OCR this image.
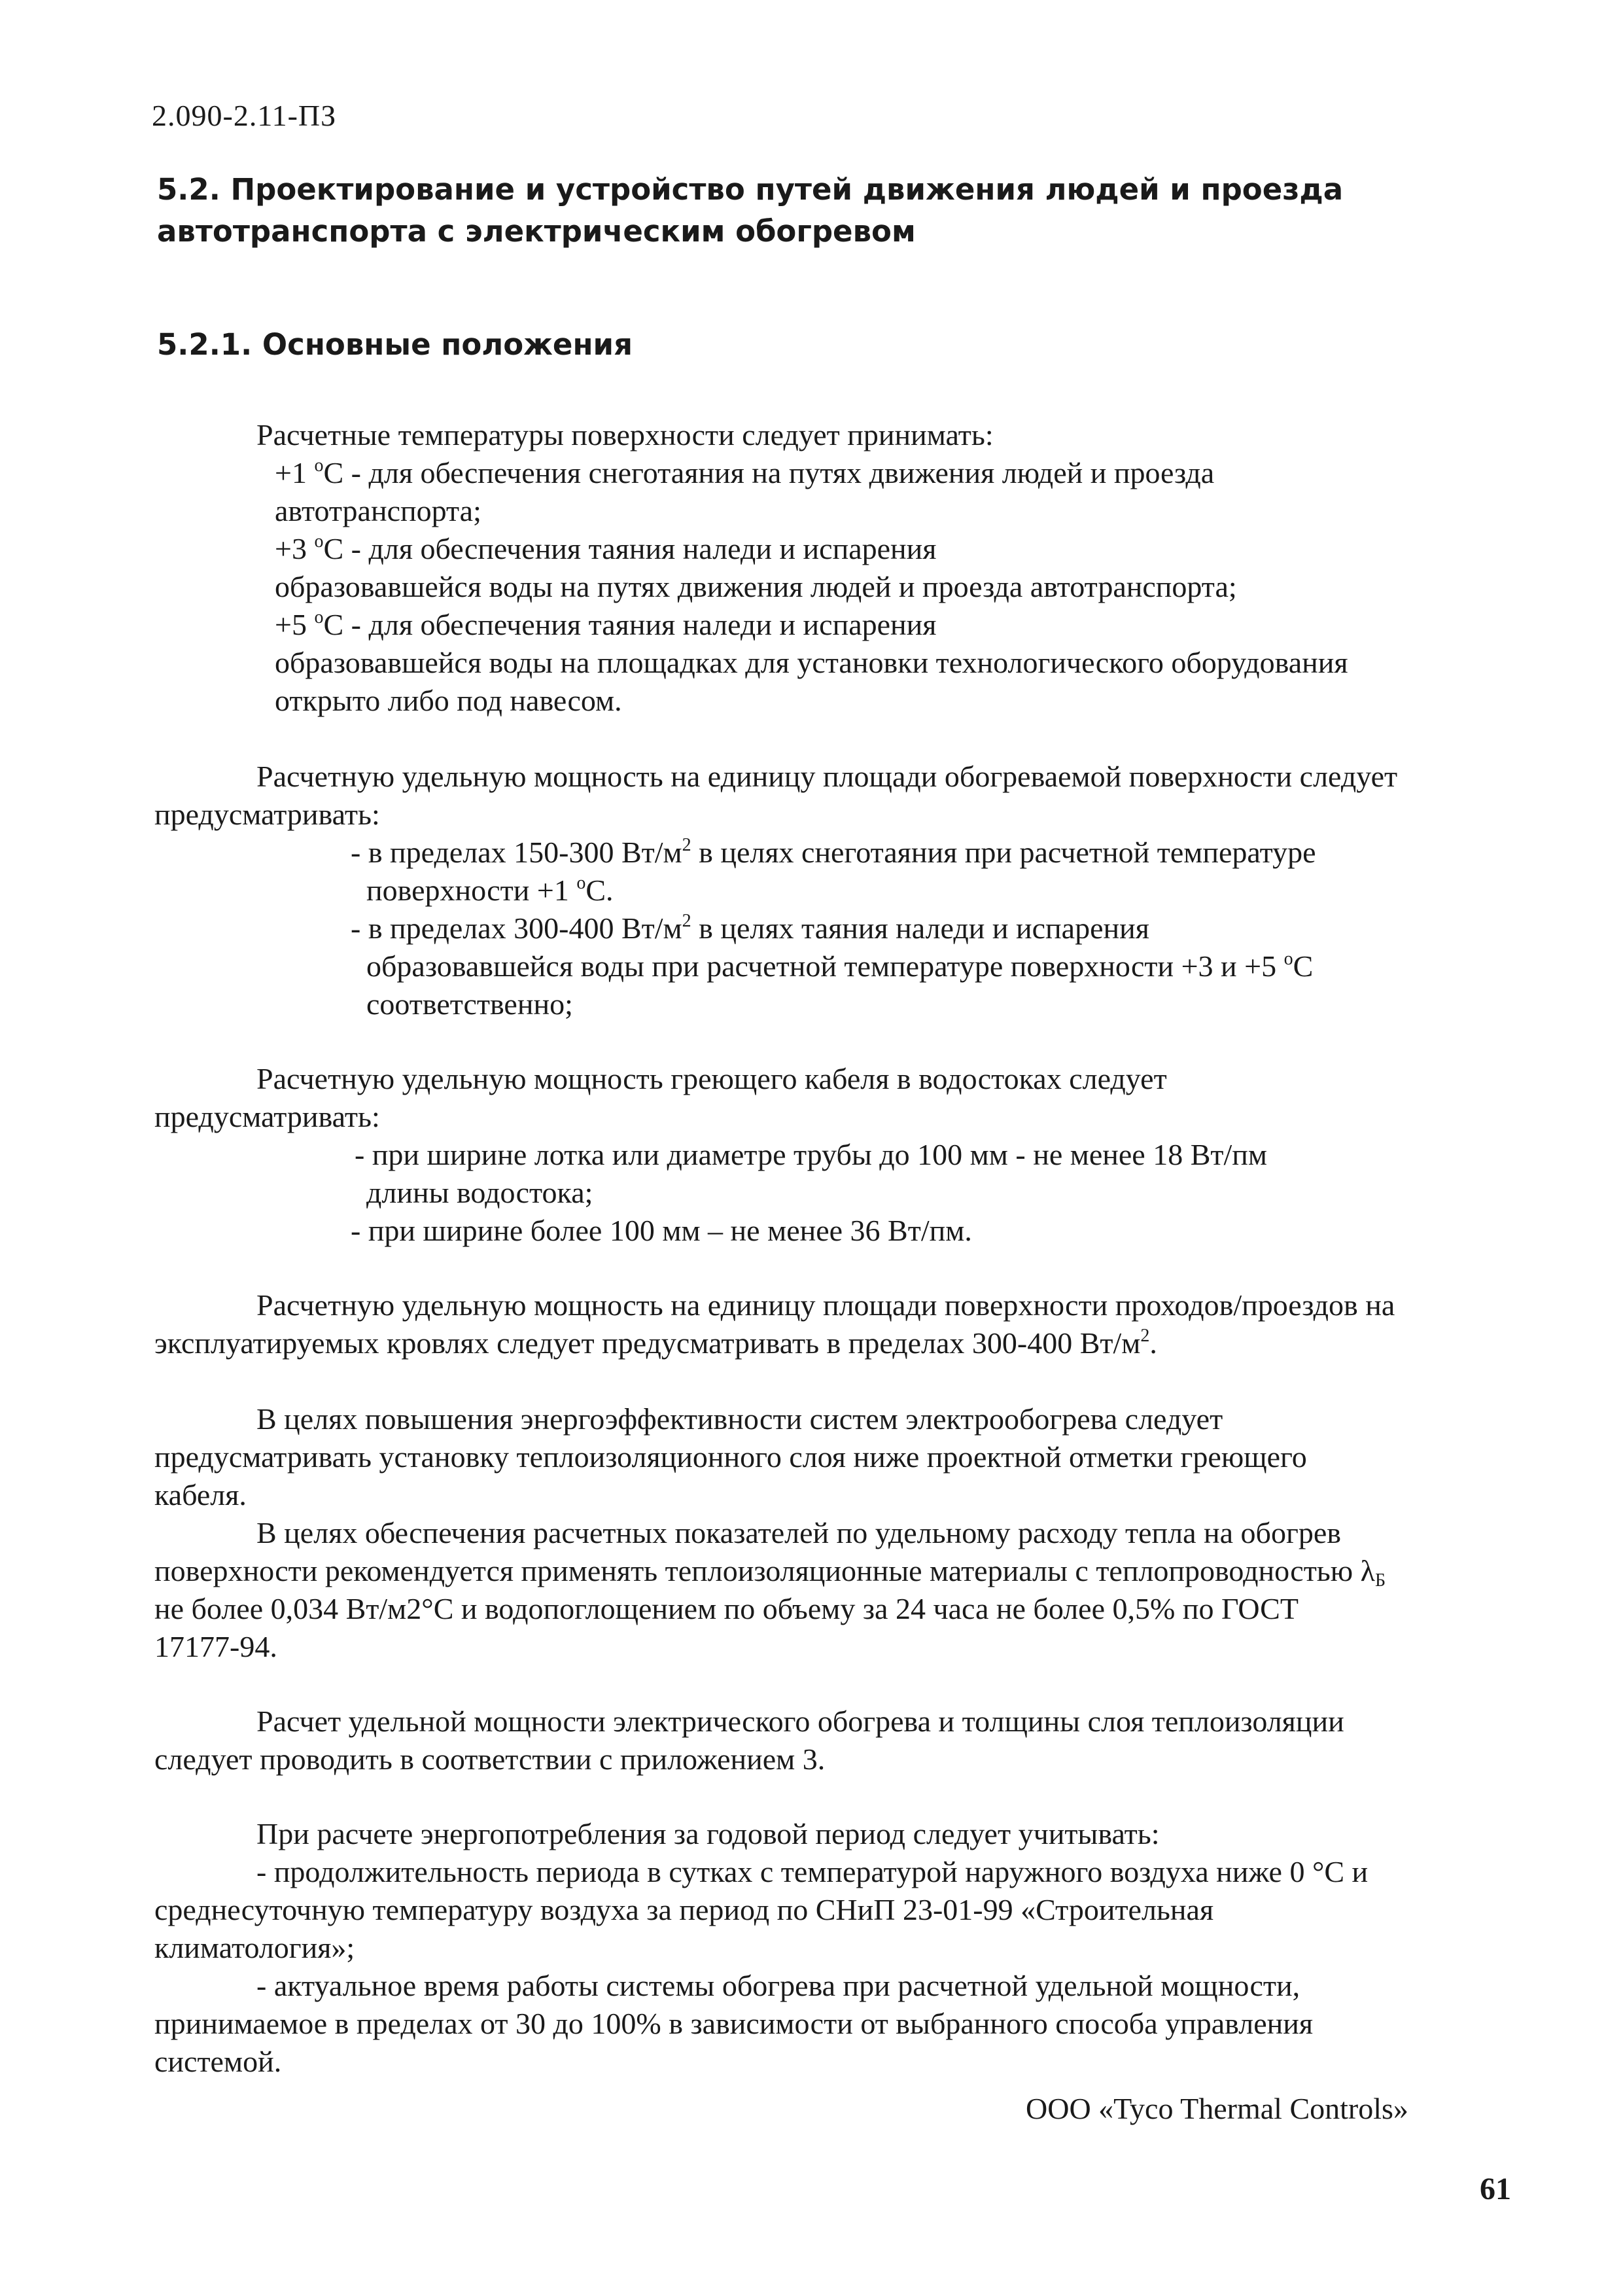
2.090-2.11-ПЗ
5.2. Проектирование и устройство путей движения людей и проезда автотранспорта с электрическим обогревом
5.2.1. Основные положения
Расчетные температуры поверхности следует принимать:
+1 $^o$С - для обеспечения снеготаяния на путях движения людей и проезда
автотранспорта;
+3 $^o$С - для обеспечения таяния наледи и испарения
образовавшейся воды на путях движения людей и проезда автотранспорта;
+5 $^o$С - для обеспечения таяния наледи и испарения
образовавшейся воды на площадках для установки технологического оборудования
открыто либо под навесом.
Расчетную удельную мощность на единицу площади обогреваемой поверхности следует
предусматривать:
- в пределах 150-300 $Вт/м^2$ в целях снеготаяния при расчетной температуре
поверхности +1 $^o$С.
- в пределах 300-400 $Вт/м^2$ в целях таяния наледи и испарения
образовавшейся воды при расчетной температуре поверхности +3 и +5 $^o$С
соответственно;
Расчетную удельную мощность греющего кабеля в водостоках следует
предусматривать:
- при ширине лотка или диаметре трубы до 100 мм - не менее 18 Вт/пм
длины водостока;
- при ширине более 100 мм – не менее 36 Вт/пм.
Расчетную удельную мощность на единицу площади поверхности проходов/проездов на
эксплуатируемых кровлях следует предусматривать в пределах 300-400 $Вт/м^2$.
В целях повышения энергоэффективности систем электрообогрева следует
предусматривать установку теплоизоляционного слоя ниже проектной отметки греющего
кабеля.
В целях обеспечения расчетных показателей по удельному расходу тепла на обогрев
поверхности рекомендуется применять теплоизоляционные материалы с теплопроводностью $\lambda_Б$
не более 0,034 Вт/м2°С и водопоглощением по объему за 24 часа не более 0,5% по ГОСТ
17177-94.
Расчет удельной мощности электрического обогрева и толщины слоя теплоизоляции
следует проводить в соответствии с приложением 3.
При расчете энергопотребления за годовой период следует учитывать:
- продолжительность периода в сутках с температурой наружного воздуха ниже 0 °С и
среднесуточную температуру воздуха за период по СНиП 23-01-99 «Строительная
климатология»;
- актуальное время работы системы обогрева при расчетной удельной мощности,
принимаемое в пределах от 30 до 100% в зависимости от выбранного способа управления
системой.
ООО «Tyco Thermal Controls»
61
